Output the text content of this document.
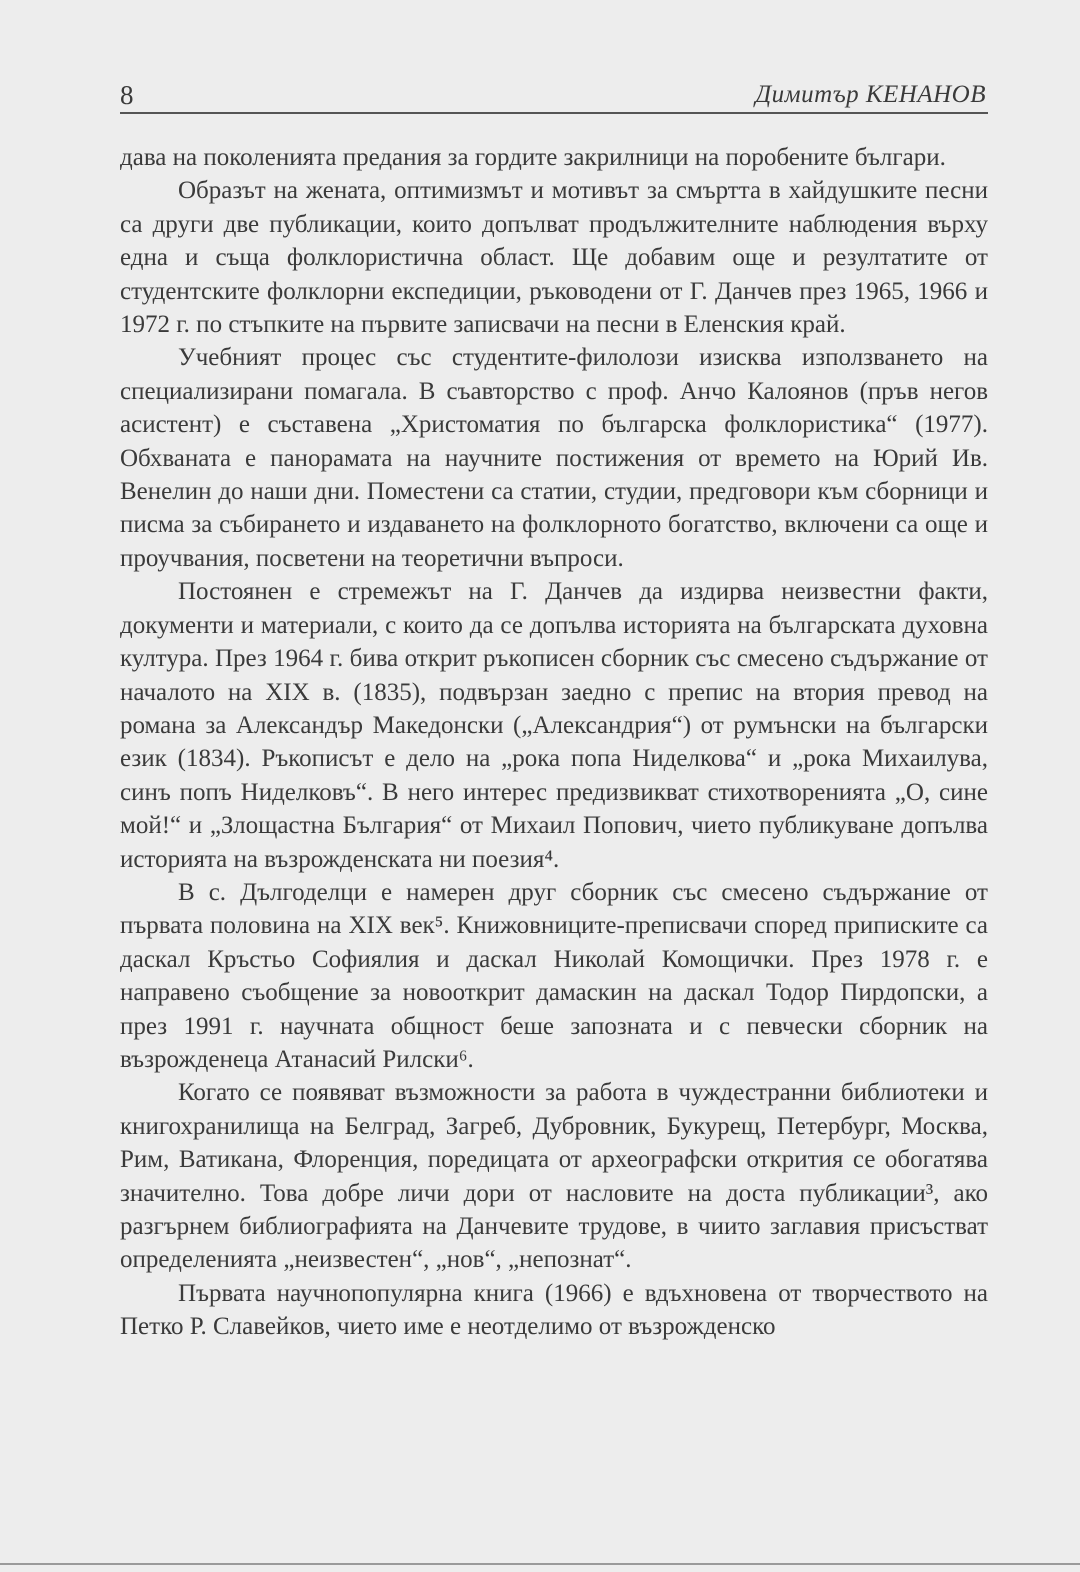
8	Димитър КЕНАНОВ

дава на поколенията предания за гордите закрилници на поробените българи.

Образът на жената, оптимизмът и мотивът за смъртта в хайдушките песни са други две публикации, които допълват продължителните наблюдения върху една и съща фолклористична област. Ще добавим още и резултатите от студентските фолклорни експедиции, ръководени от Г. Данчев през 1965, 1966 и 1972 г. по стъпките на първите записвачи на песни в Еленския край.

Учебният процес със студентите-филолози изисква използването на специализирани помагала. В съавторство с проф. Анчо Калоянов (пръв негов асистент) е съставена „Христоматия по българска фолклористика“ (1977). Обхваната е панорамата на научните постижения от времето на Юрий Ив. Венелин до наши дни. Поместени са статии, студии, предговори към сборници и писма за събирането и издаването на фолклорното богатство, включени са още и проучвания, посветени на теоретични въпроси.

Постоянен е стремежът на Г. Данчев да издирва неизвестни факти, документи и материали, с които да се допълва историята на българската духовна култура. През 1964 г. бива открит ръкописен сборник със смесено съдържание от началото на XIX в. (1835), подвързан заедно с препис на втория превод на романа за Александър Македонски („Александрия“) от румънски на български език (1834). Ръкописът е дело на „рока попа Ниделкова“ и „рока Михаилува, синъ попъ Ниделковъ“. В него интерес предизвикват стихотворенията „О, сине мой!“ и „Злощастна България“ от Михаил Попович, чието публикуване допълва историята на възрожденската ни поезия⁴.

В с. Дългоделци е намерен друг сборник със смесено съдържание от първата половина на XIX век⁵. Книжовниците-преписвачи според приписките са даскал Кръстьо Софиялия и даскал Николай Комощички. През 1978 г. е направено съобщение за новооткрит дамаскин на даскал Тодор Пирдопски, а през 1991 г. научната общност беше запозната и с певчески сборник на възрожденеца Атанасий Рилски⁶.

Когато се появяват възможности за работа в чуждестранни библиотеки и книгохранилища на Белград, Загреб, Дубровник, Букурещ, Петербург, Москва, Рим, Ватикана, Флоренция, поредицата от археографски открития се обогатява значително. Това добре личи дори от насловите на доста публикации³, ако разгърнем библиографията на Данчевите трудове, в чиито заглавия присъстват определенията „неизвестен“, „нов“, „непознат“.

Първата научнопопулярна книга (1966) е вдъхновена от творчеството на Петко Р. Славейков, чието име е неотделимо от възрожденско
